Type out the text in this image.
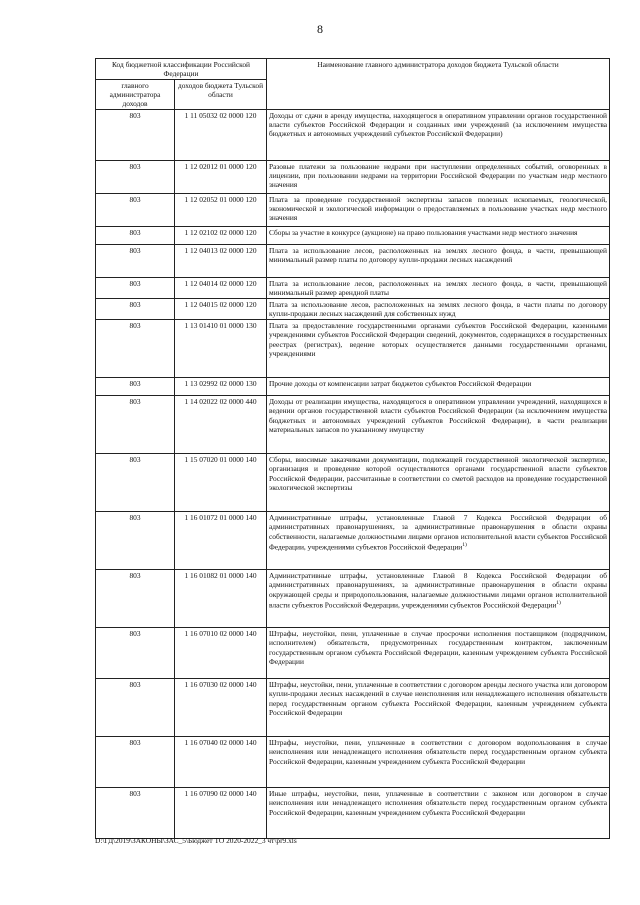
8
Код бюджетной классификации Российской Федерации		Наименование главного администратора доходов бюджета Тульской области
главного администратора доходов	доходов бюджета Тульской области	
803	1 11 05032 02 0000 120	Доходы от сдачи в аренду имущества, находящегося в оперативном управлении органов государственной власти субъектов Российской Федерации и созданных ими учреждений (за исключением имущества бюджетных и автономных учреждений субъектов Российской Федерации)
803	1 12 02012 01 0000 120	Разовые платежи за пользование недрами при наступлении определенных событий, оговоренных в лицензии, при пользовании недрами на территории Российской Федерации по участкам недр местного значения
803	1 12 02052 01 0000 120	Плата за проведение государственной экспертизы запасов полезных ископаемых, геологической, экономической и экологической информации о предоставляемых в пользование участках недр местного значения
803	1 12 02102 02 0000 120	Сборы за участие в конкурсе (аукционе) на право пользования участками недр местного значения
803	1 12 04013 02 0000 120	Плата за использование лесов, расположенных на землях лесного фонда, в части, превышающей минимальный размер платы по договору купли-продажи лесных насаждений
803	1 12 04014 02 0000 120	Плата за использование лесов, расположенных на землях лесного фонда, в части, превышающей минимальный размер арендной платы
803	1 12 04015 02 0000 120	Плата за использование лесов, расположенных на землях лесного фонда, в части платы по договору купли-продажи лесных насаждений для собственных нужд
803	1 13 01410 01 0000 130	Плата за предоставление государственными органами субъектов Российской Федерации, казенными учреждениями субъектов Российской Федерации сведений, документов, содержащихся в государственных реестрах (регистрах), ведение которых осуществляется данными государственными органами, учреждениями
803	1 13 02992 02 0000 130	Прочие доходы от компенсации затрат бюджетов субъектов Российской Федерации
803	1 14 02022 02 0000 440	Доходы от реализации имущества, находящегося в оперативном управлении учреждений, находящихся в ведении органов государственной власти субъектов Российской Федерации (за исключением имущества бюджетных и автономных учреждений субъектов Российской Федерации), в части реализации материальных запасов по указанному имуществу
803	1 15 07020 01 0000 140	Сборы, вносимые заказчиками документации, подлежащей государственной экологической экспертизе, организация и проведение которой осуществляются органами государственной власти субъектов Российской Федерации, рассчитанные в соответствии со сметой расходов на проведение государственной экологической экспертизы
803	1 16 01072 01 0000 140	Административные штрафы, установленные Главой 7 Кодекса Российской Федерации об административных правонарушениях, за административные правонарушения в области охраны собственности, налагаемые должностными лицами органов исполнительной власти субъектов Российской Федерации, учреждениями субъектов Российской Федерации$^{1)}$
803	1 16 01082 01 0000 140	Административные штрафы, установленные Главой 8 Кодекса Российской Федерации об административных правонарушениях, за административные правонарушения в области охраны окружающей среды и природопользования, налагаемые должностными лицами органов исполнительной власти субъектов Российской Федерации, учреждениями субъектов Российской Федерации$^{1)}$
803	1 16 07010 02 0000 140	Штрафы, неустойки, пени, уплаченные в случае просрочки исполнения поставщиком (подрядчиком, исполнителем) обязательств, предусмотренных государственным контрактом, заключенным государственным органом субъекта Российской Федерации, казенным учреждением субъекта Российской Федерации
803	1 16 07030 02 0000 140	Штрафы, неустойки, пени, уплаченные в соответствии с договором аренды лесного участка или договором купли-продажи лесных насаждений в случае неисполнения или ненадлежащего исполнения обязательств перед государственным органом субъекта Российской Федерации, казенным учреждением субъекта Российской Федерации
803	1 16 07040 02 0000 140	Штрафы, неустойки, пени, уплаченные в соответствии с договором водопользования в случае неисполнения или ненадлежащего исполнения обязательств перед государственным органом субъекта Российской Федерации, казенным учреждением субъекта Российской Федерации
803	1 16 07090 02 0000 140	Иные штрафы, неустойки, пени, уплаченные в соответствии с законом или договором в случае неисполнения или ненадлежащего исполнения обязательств перед государственным органом субъекта Российской Федерации, казенным учреждением субъекта Российской Федерации
D:\ГД\2019\ЗАКОНЫ\ЗАС_5\Бюджет ТО 2020-2022_3 чт\pr9.xls
